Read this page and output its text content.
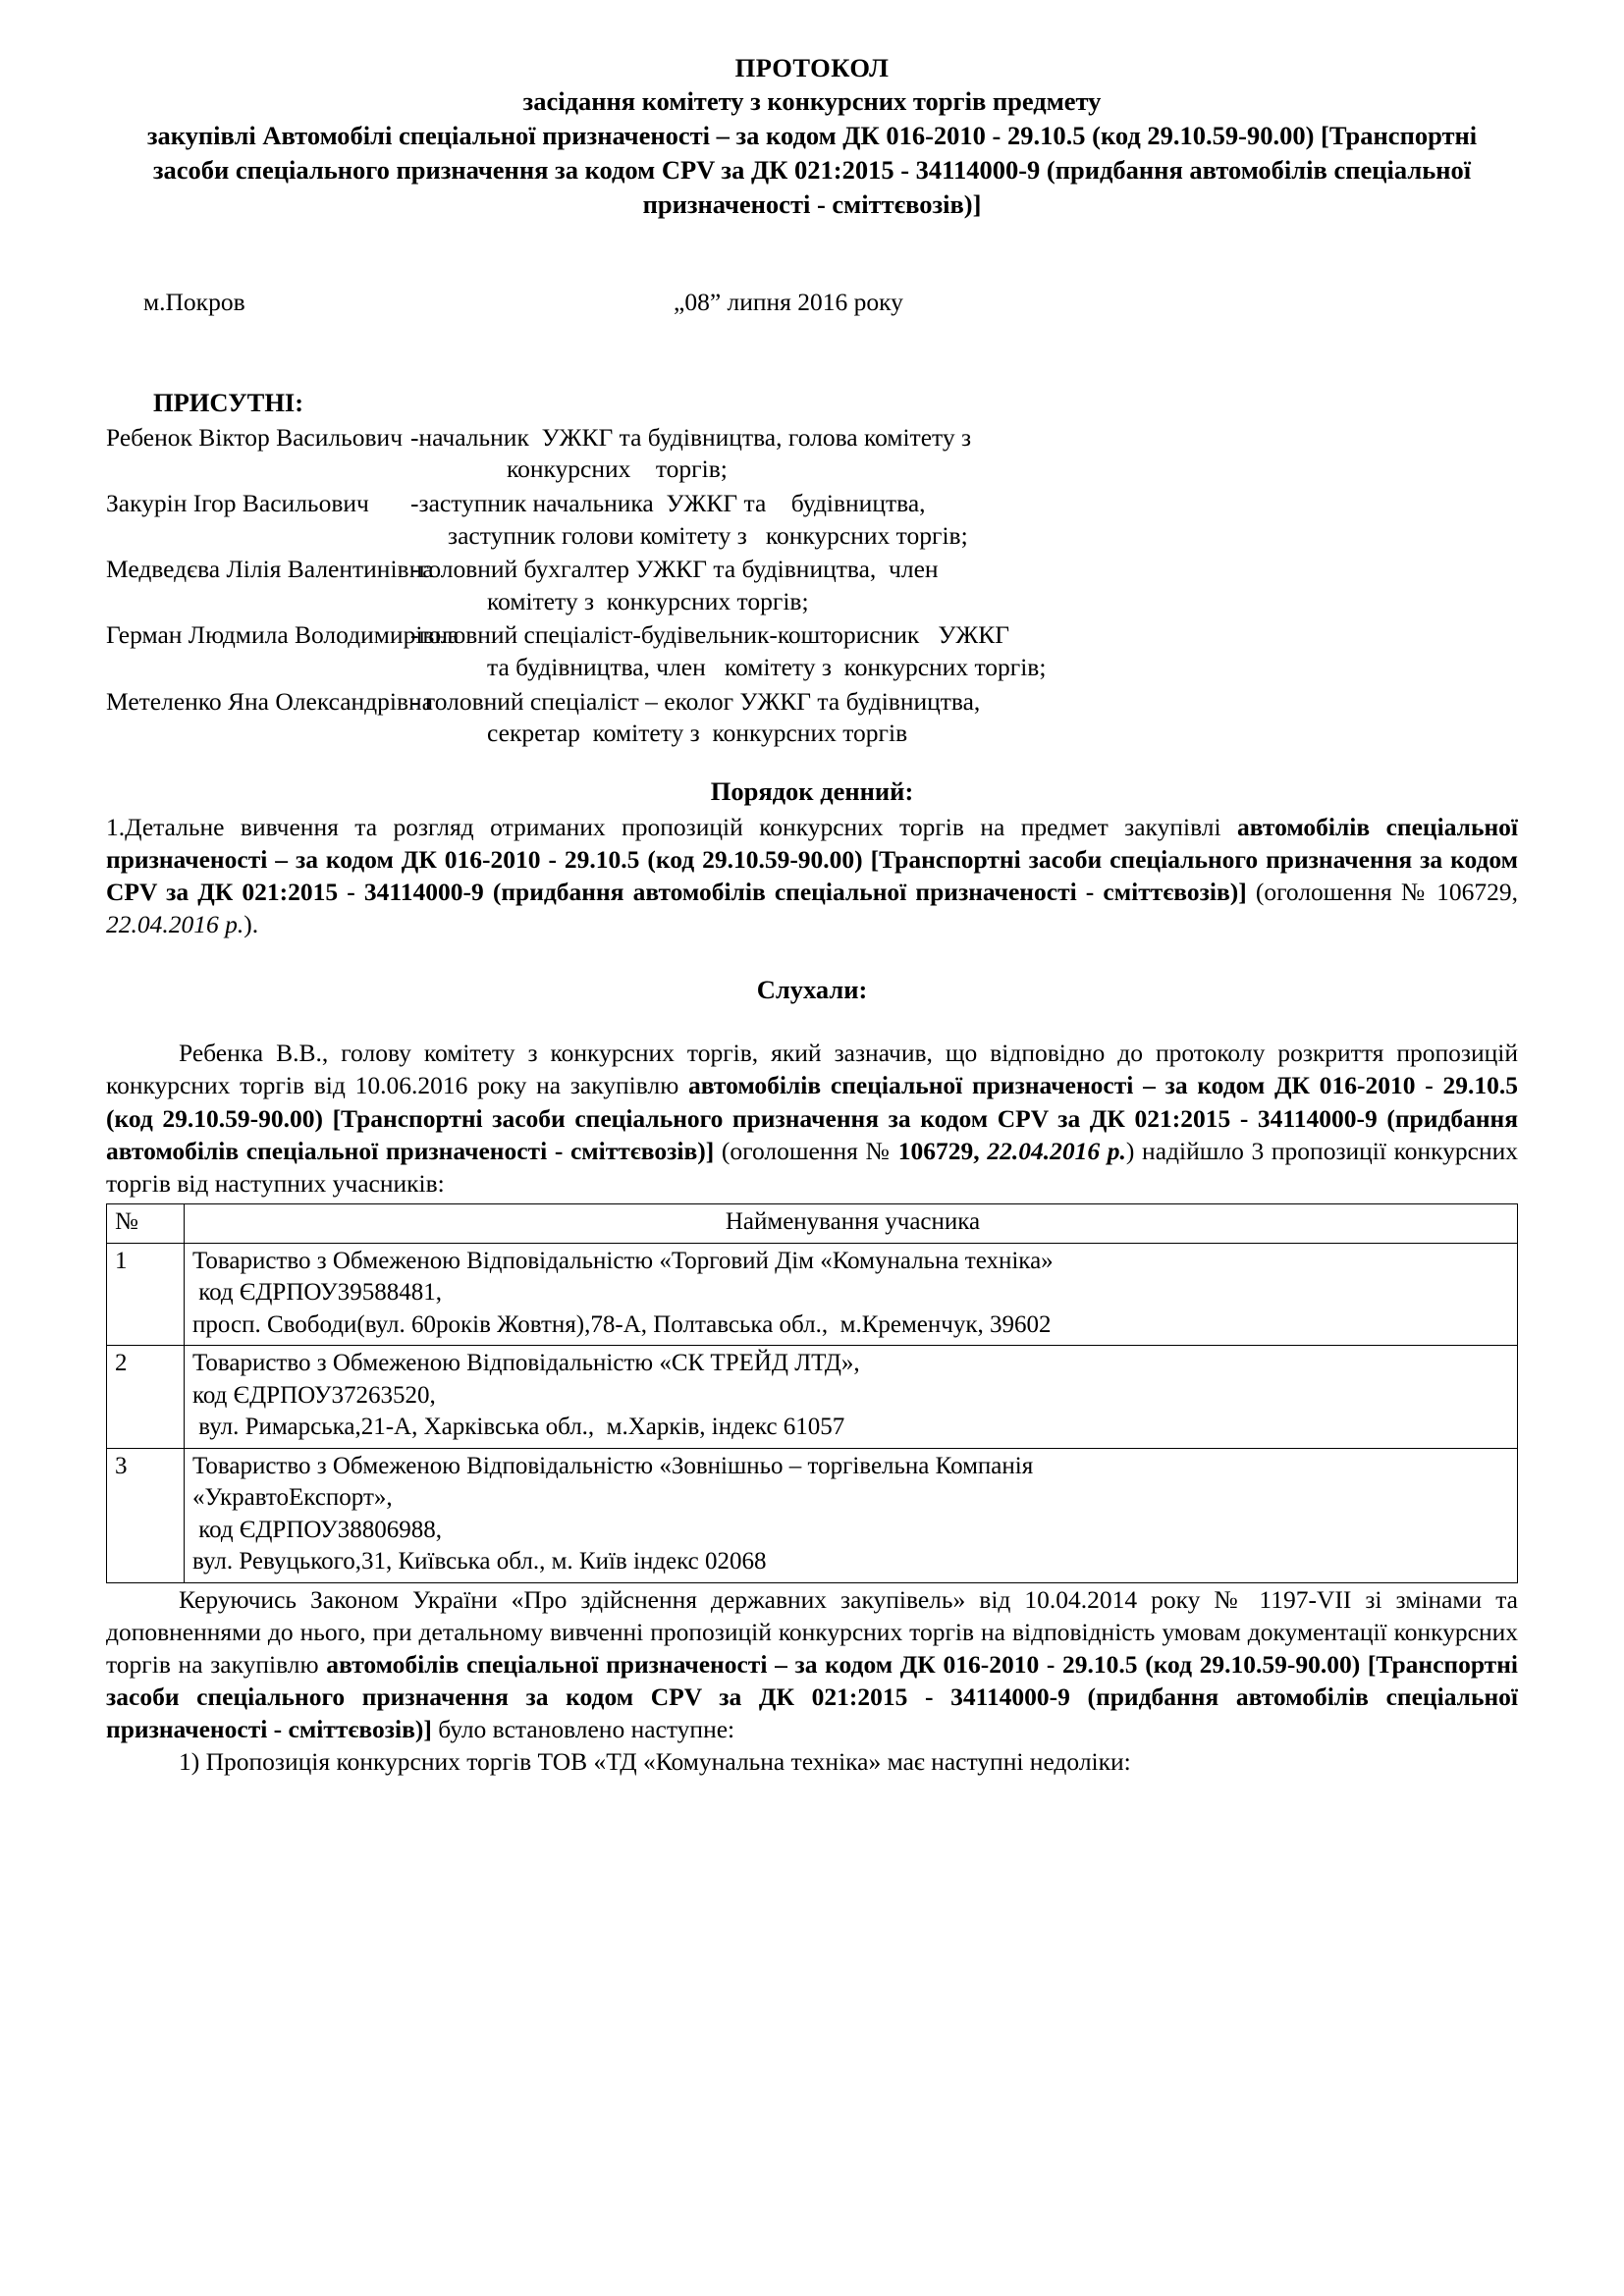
ПРОТОКОЛ
засідання комітету з конкурсних торгів предмету
закупівлі Автомобілі спеціальної призначеності – за кодом ДК 016-2010 - 29.10.5 (код 29.10.59-90.00) [Транспортні засоби спеціального призначення за кодом CPV за ДК 021:2015 - 34114000-9 (придбання автомобілів спеціальної призначеності - сміттєвозів)]
м.Покров	„08” липня 2016 року
ПРИСУТНІ:
Ребенок Віктор Васильович -начальник  УЖКГ та будівництва, голова комітету з
конкурсних    торгів;
Закурін Ігор Васильович	-заступник начальника  УЖКГ та    будівництва,
заступник голови комітету з   конкурсних торгів;
Медведєва Лілія Валентинівна
-головний бухгалтер УЖКГ та будівництва,  член
комітету з  конкурсних торгів;
Герман Людмила Володимирівна
-головний спеціаліст-будівельник-кошторисник   УЖКГ
та будівництва, член   комітету з  конкурсних торгів;
Метеленко Яна Олександрівна
- головний спеціаліст – еколог УЖКГ та будівництва,
секретар  комітету з  конкурсних торгів
Порядок денний:

1.Детальне вивчення та розгляд отриманих пропозицій конкурсних торгів на предмет закупівлі автомобілів спеціальної призначеності – за кодом ДК 016-2010 - 29.10.5 (код 29.10.59-90.00) [Транспортні засоби спеціального призначення за кодом CPV за ДК 021:2015 - 34114000-9 (придбання автомобілів спеціальної призначеності - сміттєвозів)] (оголошення № 106729, 22.04.2016 р.).

Слухали:

Ребенка В.В., голову комітету з конкурсних торгів, який зазначив, що відповідно до протоколу розкриття пропозицій конкурсних торгів від 10.06.2016 року на закупівлю автомобілів спеціальної призначеності – за кодом ДК 016-2010 - 29.10.5 (код 29.10.59-90.00) [Транспортні засоби спеціального призначення за кодом CPV за ДК 021:2015 - 34114000-9 (придбання автомобілів спеціальної призначеності - сміттєвозів)] (оголошення № 106729, 22.04.2016 р.) надійшло 3 пропозиції конкурсних торгів від наступних учасників:

№	Найменування учасника
1	Товариство з Обмеженою Відповідальністю «Торговий Дім «Комунальна техніка»
код ЄДРПОУ39588481,
просп. Свободи(вул. 60років Жовтня),78-А, Полтавська обл.,  м.Кременчук, 39602

2	Товариство з Обмеженою Відповідальністю «СК ТРЕЙД ЛТД»,
код ЄДРПОУ37263520,
вул. Римарська,21-А, Харківська обл.,  м.Харків, індекс 61057

3	Товариство з Обмеженою Відповідальністю «Зовнішньо – торгівельна Компанія
«УкравтоЕкспорт»,
код ЄДРПОУ38806988,
вул. Ревуцького,31, Київська обл., м. Київ індекс 02068

Керуючись Законом України «Про здійснення державних закупівель» від 10.04.2014 року № 1197-VII зі змінами та доповненнями до нього, при детальному вивченні пропозицій конкурсних торгів на відповідність умовам документації конкурсних торгів на закупівлю автомобілів спеціальної призначеності – за кодом ДК 016-2010 - 29.10.5 (код 29.10.59-90.00) [Транспортні засоби спеціального призначення за кодом CPV за ДК 021:2015 - 34114000-9 (придбання автомобілів спеціальної призначеності - сміттєвозів)] було встановлено наступне:

1) Пропозиція конкурсних торгів ТОВ «ТД «Комунальна техніка» має наступні недоліки:
